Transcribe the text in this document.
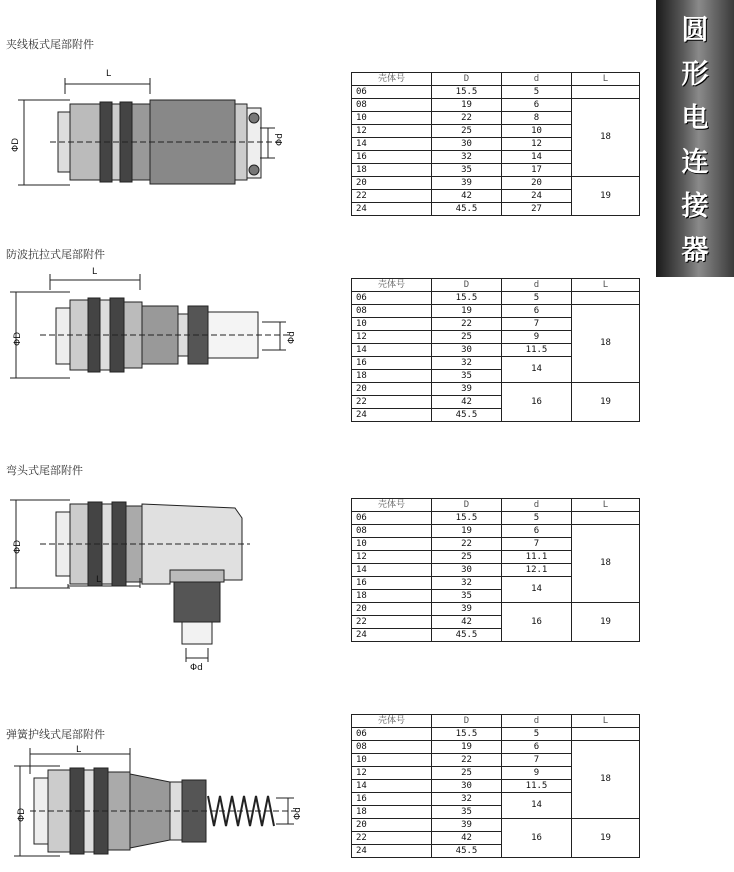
圆
形
电
连
接
器
夹线板式尾部附件
L
ΦD	Φd
壳体号	D	d	L
06	15.5	5	
08	19	6	18
10	22	8	
12	25	10	
14	30	12	
16	32	14	
18	35	17	
20	39	20	19
22	42	24	
24	45.5	27	
防波抗拉式尾部附件
L
ΦD	Φd
壳体号	D	d	L
06	15.5	5	
08	19	6	18
10	22	7	
12	25	9	
14	30	11.5	
16	32	14	
18	35		
20	39	16	19
22	42		
24	45.5		
弯头式尾部附件
L
ΦD
Φd
壳体号	D	d	L
06	15.5	5	
08	19	6	18
10	22	7	
12	25	11.1	
14	30	12.1	
16	32	14	
18	35		
20	39	16	19
22	42		
24	45.5		
弹簧护线式尾部附件
L
ΦD	Φd
壳体号	D	d	L
06	15.5	5	
08	19	6	18
10	22	7	
12	25	9	
14	30	11.5	
16	32	14	
18	35		
20	39	16	19
22	42		
24	45.5		
